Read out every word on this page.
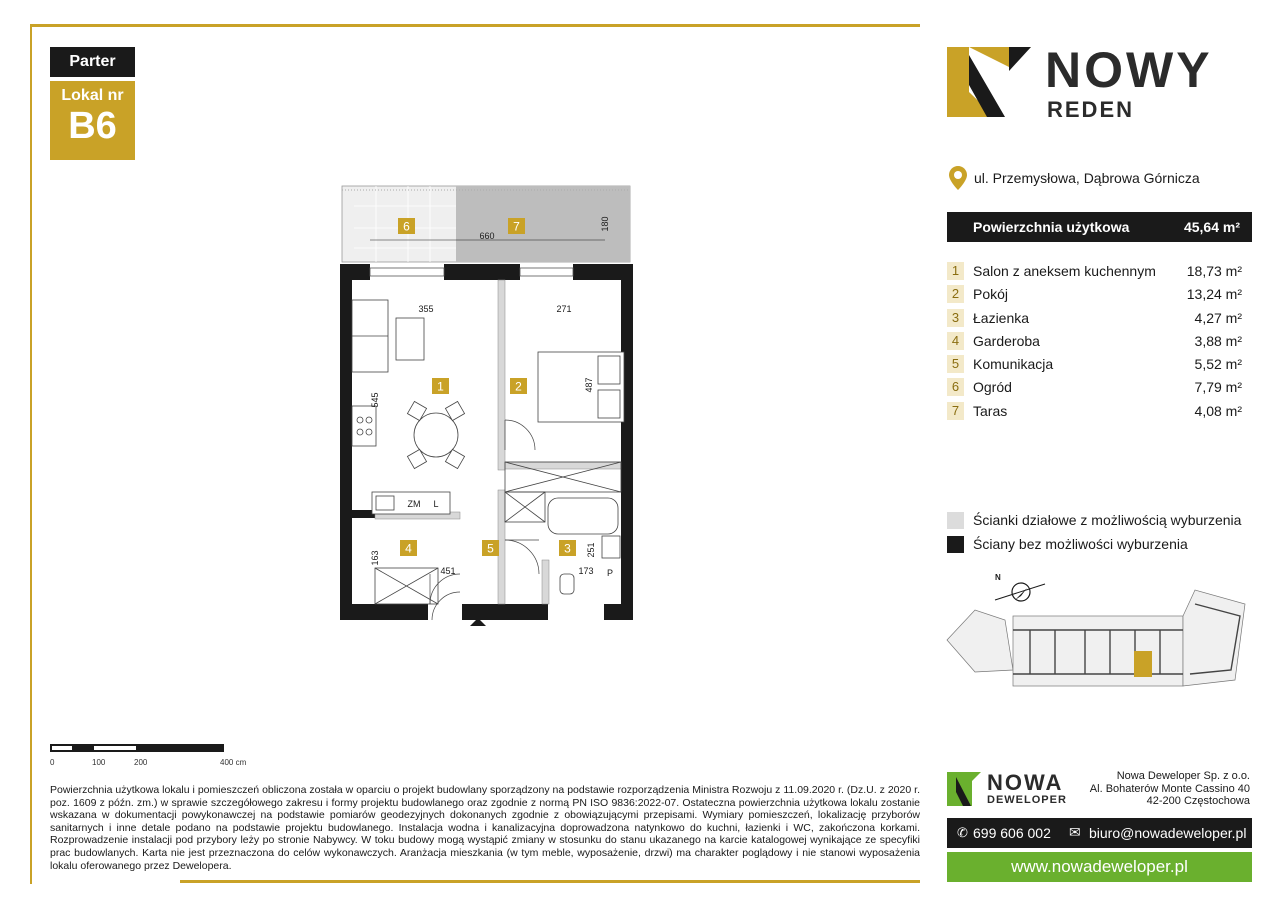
Parter
Lokal nr
B6
NOWY
REDEN
ul. Przemysłowa, Dąbrowa Górnicza
Powierzchnia użytkowa	45,64 m²
1 Salon z aneksem kuchennym 18,73 m²
2 Pokój	13,24 m²
3 Łazienka	4,27 m²
4 Garderoba	3,88 m²
5 Komunikacja	5,52 m²
6 Ogród	7,79 m²
7 Taras	4,08 m²
Ścianki działowe z możliwością wyburzenia
Ściany bez możliwości wyburzenia
6	7
660
180
ZM L
P
1	2
3
4	5
355	271
545
487
163
451	173
251
N
0	100	200	400 cm
Powierzchnia użytkowa lokalu i pomieszczeń obliczona została w oparciu o projekt budowlany sporządzony na podstawie rozporządzenia Ministra Rozwoju z 11.09.2020 r. (Dz.U. z 2020 r. poz. 1609 z późn. zm.) w sprawie szczegółowego zakresu i formy projektu budowlanego oraz zgodnie z normą PN ISO 9836:2022-07. Ostateczna powierzchnia użytkowa lokalu zostanie wskazana w dokumentacji powykonawczej na podstawie pomiarów geodezyjnych dokonanych zgodnie z obowiązującymi przepisami. Wymiary pomieszczeń, lokalizację przyborów sanitarnych i inne detale podano na podstawie projektu budowlanego. Instalacja wodna i kanalizacyjna doprowadzona natynkowo do kuchni, łazienki i WC, zakończona korkami. Rozprowadzenie instalacji pod przybory leży po stronie Nabywcy. W toku budowy mogą wystąpić zmiany w stosunku do stanu ukazanego na karcie katalogowej wynikające ze specyfiki prac budowlanych. Karta nie jest przeznaczona do celów wykonawczych. Aranżacja mieszkania (w tym meble, wyposażenie, drzwi) ma charakter poglądowy i nie stanowi wyposażenia lokalu oferowanego przez Dewelopera.
NOWA
DEWELOPER
Nowa Deweloper Sp. z o.o.
Al. Bohaterów Monte Cassino 40
42-200 Częstochowa
✆ 699 606 002 ✉ biuro@nowadeweloper.pl
www.nowadeweloper.pl
